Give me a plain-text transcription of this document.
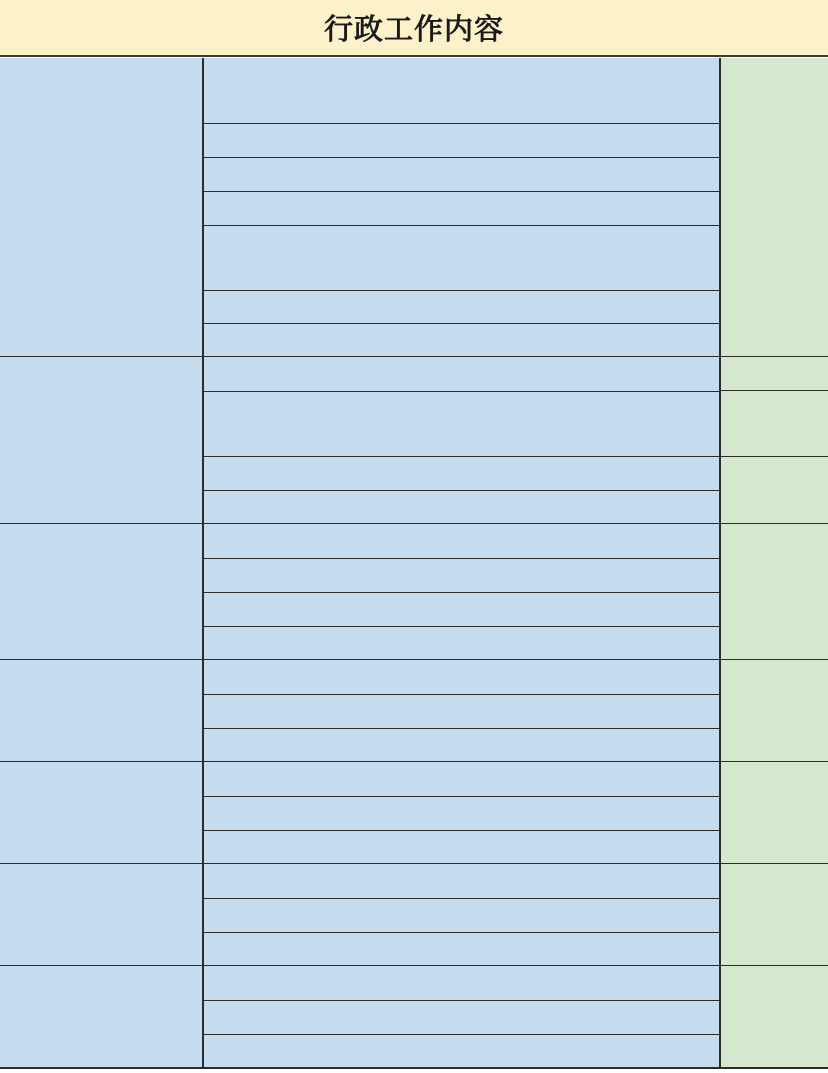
行政工作内容
